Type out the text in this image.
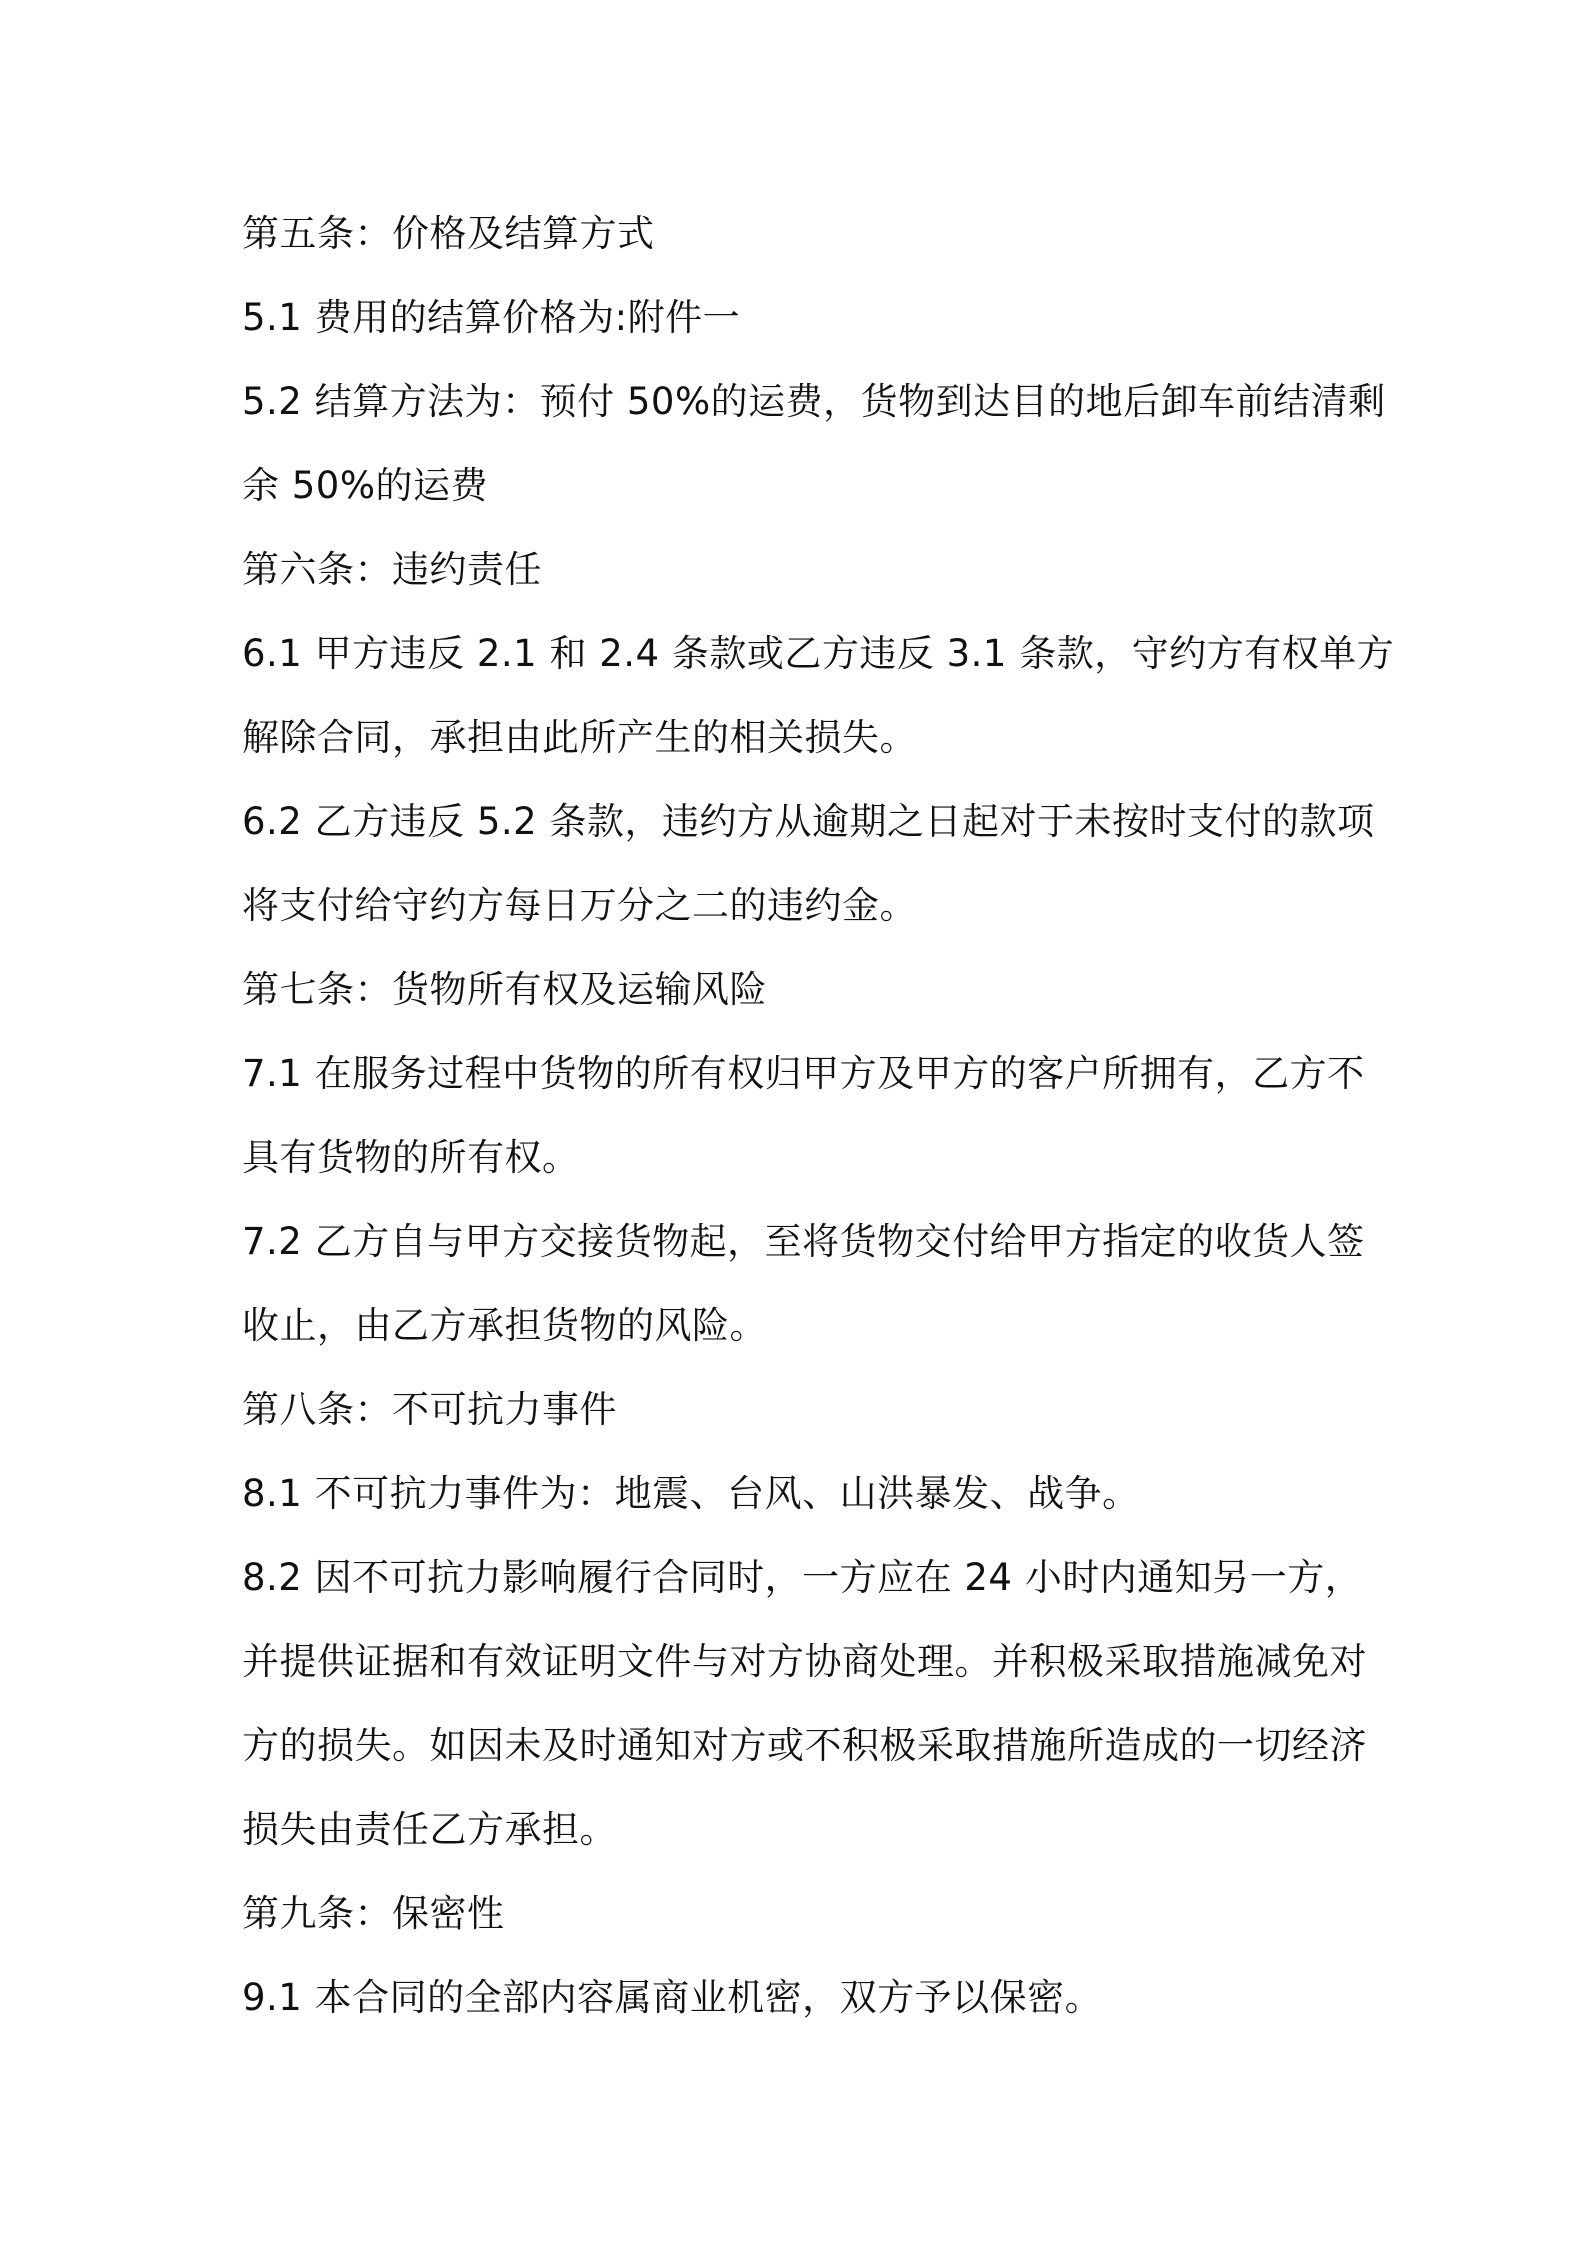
第五条：价格及结算方式
5.1 费用的结算价格为:附件一
5.2 结算方法为：预付 50%的运费，货物到达目的地后卸车前结清剩
余 50%的运费
第六条：违约责任
6.1 甲方违反 2.1 和 2.4 条款或乙方违反 3.1 条款，守约方有权单方
解除合同，承担由此所产生的相关损失。
6.2 乙方违反 5.2 条款，违约方从逾期之日起对于未按时支付的款项
将支付给守约方每日万分之二的违约金。
第七条：货物所有权及运输风险
7.1 在服务过程中货物的所有权归甲方及甲方的客户所拥有，乙方不
具有货物的所有权。
7.2 乙方自与甲方交接货物起，至将货物交付给甲方指定的收货人签
收止，由乙方承担货物的风险。
第八条：不可抗力事件
8.1 不可抗力事件为：地震、台风、山洪暴发、战争。
8.2 因不可抗力影响履行合同时，一方应在 24 小时内通知另一方，
并提供证据和有效证明文件与对方协商处理。并积极采取措施减免对
方的损失。如因未及时通知对方或不积极采取措施所造成的一切经济
损失由责任乙方承担。
第九条：保密性
9.1 本合同的全部内容属商业机密，双方予以保密。
